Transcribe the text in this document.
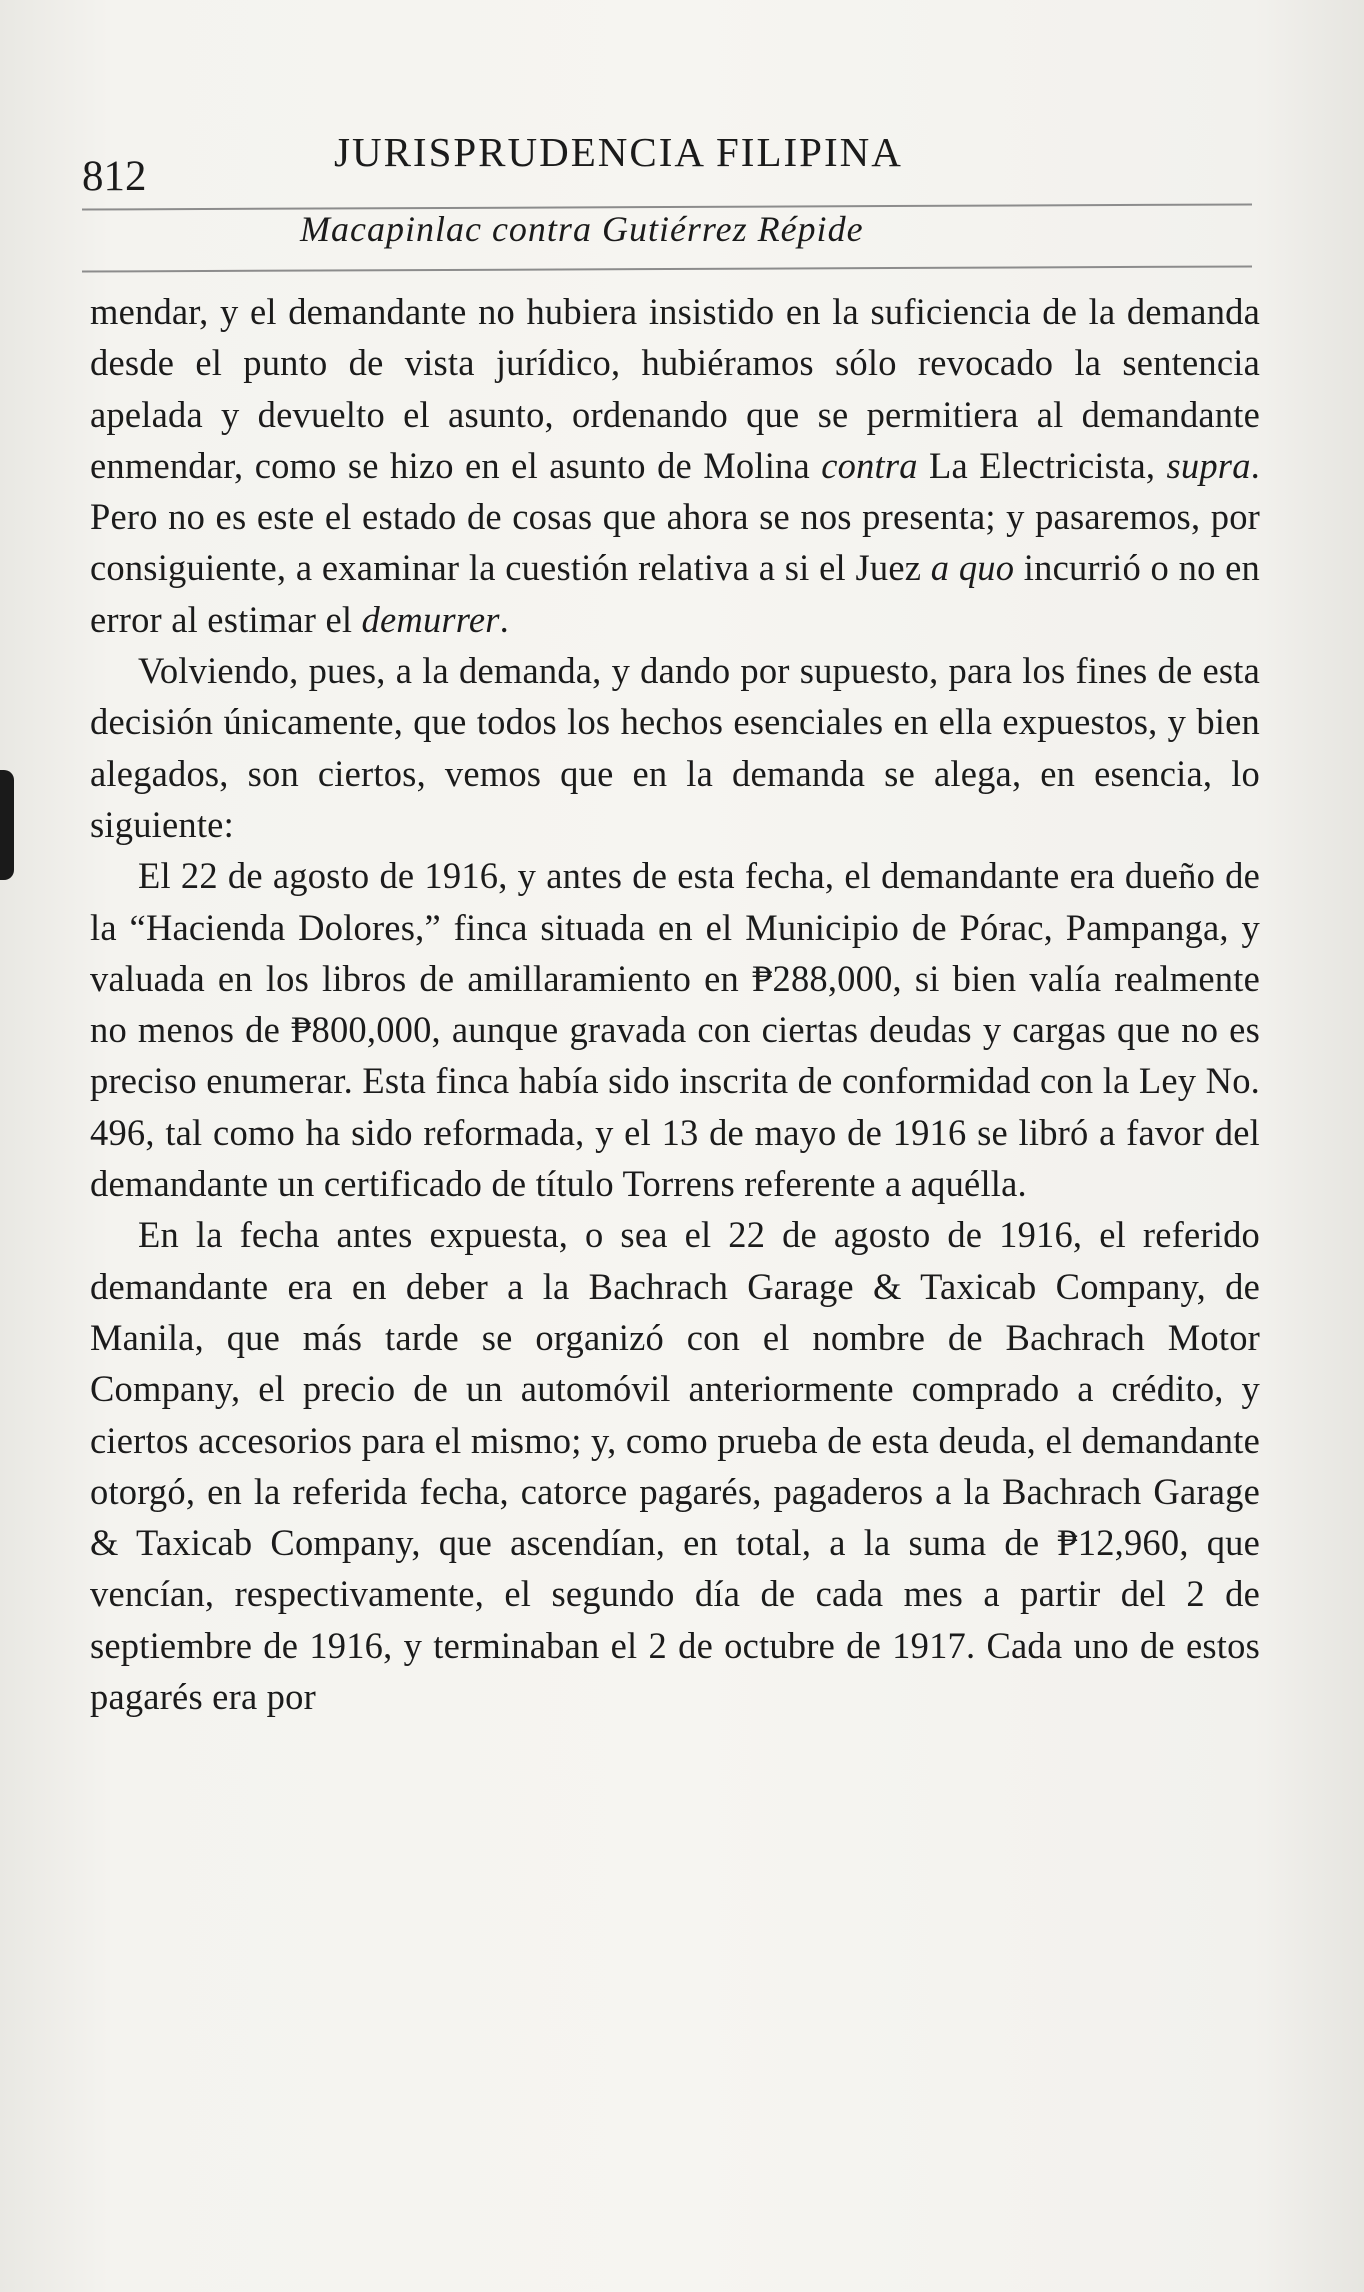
812
JURISPRUDENCIA FILIPINA
Macapinlac contra Gutiérrez Répide

mendar, y el demandante no hubiera insistido en la suficiencia de la demanda desde el punto de vista jurídico, hubiéramos sólo revocado la sentencia apelada y devuelto el asunto, ordenando que se permitiera al demandante enmendar, como se hizo en el asunto de Molina contra La Electricista, supra. Pero no es este el estado de cosas que ahora se nos presenta; y pasaremos, por consiguiente, a examinar la cuestión relativa a si el Juez a quo incurrió o no en error al estimar el demurrer.

Volviendo, pues, a la demanda, y dando por supuesto, para los fines de esta decisión únicamente, que todos los hechos esenciales en ella expuestos, y bien alegados, son ciertos, vemos que en la demanda se alega, en esencia, lo siguiente:

El 22 de agosto de 1916, y antes de esta fecha, el demandante era dueño de la “Hacienda Dolores,” finca situada en el Municipio de Pórac, Pampanga, y valuada en los libros de amillaramiento en ₱288,000, si bien valía realmente no menos de ₱800,000, aunque gravada con ciertas deudas y cargas que no es preciso enumerar. Esta finca había sido inscrita de conformidad con la Ley No. 496, tal como ha sido reformada, y el 13 de mayo de 1916 se libró a favor del demandante un certificado de título Torrens referente a aquélla.

En la fecha antes expuesta, o sea el 22 de agosto de 1916, el referido demandante era en deber a la Bachrach Garage & Taxicab Company, de Manila, que más tarde se organizó con el nombre de Bachrach Motor Company, el precio de un automóvil anteriormente comprado a crédito, y ciertos accesorios para el mismo; y, como prueba de esta deuda, el demandante otorgó, en la referida fecha, catorce pagarés, pagaderos a la Bachrach Garage & Taxicab Company, que ascendían, en total, a la suma de ₱12,960, que vencían, respectivamente, el segundo día de cada mes a partir del 2 de septiembre de 1916, y terminaban el 2 de octubre de 1917. Cada uno de estos pagarés era por
